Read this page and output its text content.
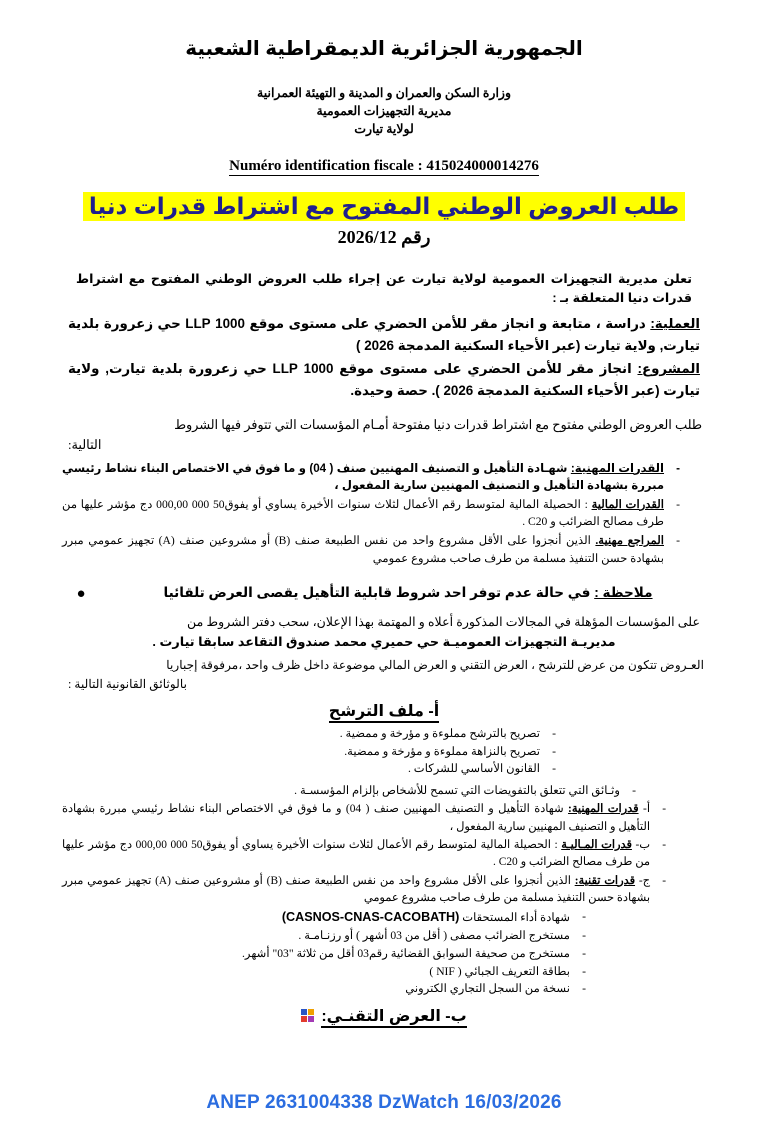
الجمهورية الجزائرية الديمقراطية الشعبية
وزارة السكن والعمران و المدينة و التهيئة العمرانية
مديرية التجهيزات العمومية
لولاية تيارت
Numéro identification fiscale : 415024000014276
طلب العروض الوطني المفتوح مع اشتراط قدرات دنيا
رقم 2026/12
تعلن مديرية التجهيزات العمومية لولاية تيارت عن إجراء طلب العروض الوطني المفتوح مع اشتراط قدرات دنيا المتعلقة بـ :
العملية: دراسة ، متابعة و انجاز مقر للأمن الحضري على مستوى موقع 1000 LLP حي زعرورة بلدية تيارت, ولاية تيارت (عبر الأحياء السكنية المدمجة 2026 )
المشروع: انجاز مقر للأمن الحضري على مستوى موقع 1000 LLP حي زعرورة بلدية تيارت, ولاية تيارت (عبر الأحياء السكنية المدمجة 2026 ). حصة وحيدة.
طلب العروض الوطني مفتوح مع اشتراط قدرات دنيا مفتوحة أمـام المؤسسات التي تتوفر فيها الشروط
التالية:
- القدرات المهنية: شهـادة التأهيل و التصنيف المهنيين صنف ( 04) و ما فوق في الاختصاص البناء نشاط رئيسي مبررة بشهادة التأهيل و التصنيف المهنيين سارية المفعول ،
- القدرات المالية : الحصيلة المالية لمتوسط رقم الأعمال لثلاث سنوات الأخيرة يساوي أو يفوق50 000 000,00 دج مؤشر عليها من طرف مصالح الضرائب و C20 .
- المراجع مهنية. الذين أنجزوا على الأقل مشروع واحد من نفس الطبيعة صنف (B) أو مشروعين صنف (A) تجهيز عمومي مبرر بشهادة حسن التنفيذ مسلمة من طرف صاحب مشروع عمومي
●	ملاحظة : في حالة عدم توفر احد شروط قابلية التأهيل يقصى العرض تلقائيا
على المؤسسات المؤهلة في المجالات المذكورة أعلاه و المهتمة بهذا الإعلان، سحب دفتر الشروط من
مديريـة التجهيزات العموميـة حي حميري محمد صندوق التقاعد سابقا تيارت .
العـروض تتكون من عرض للترشح ، العرض التقني و العرض المالي موضوعة داخل ظرف واحد ،مرفوقة إجباريا
بالوثائق القانونية التالية :
أ- ملف الترشح
- تصريح بالترشح مملوءة و مؤرخة و ممضية .
- تصريح بالنزاهة مملوءة و مؤرخة و ممضية.
- القانون الأساسي للشركات .
- وثـائق التي تتعلق بالتفويضات التي تسمح للأشخاص بإلزام المؤسسـة .
- أ- قدرات المهنية: شهادة التأهيل و التصنيف المهنيين صنف ( 04) و ما فوق في الاختصاص البناء نشاط رئيسي مبررة بشهادة التأهيل و التصنيف المهنيين سارية المفعول ،
- ب- قدرات المـاليـة : الحصيلة المالية لمتوسط رقم الأعمال لثلاث سنوات الأخيرة يساوي أو يفوق50 000 000,00 دج مؤشر عليها من طرف مصالح الضرائب و C20 .
- ج- قدرات تقنية: الذين أنجزوا على الأقل مشروع واحد من نفس الطبيعة صنف (B) أو مشروعين صنف (A) تجهيز عمومي مبرر بشهادة حسن التنفيذ مسلمة من طرف صاحب مشروع عمومي
- شهادة أداء المستحقات (CASNOS-CNAS-CACOBATH)
- مستخرج الضرائب مصفى ( أقل من 03 أشهر ) أو رزنـامـة .
- مستخرج من صحيفة السوابق القضائية رقم03 أقل من ثلاثة "03" أشهر.
- بطاقة التعريف الجبائي ( NIF )
- نسخة من السجل التجاري الكتروني
ب- العرض التقنـي:
ANEP 2631004338 DzWatch 16/03/2026
